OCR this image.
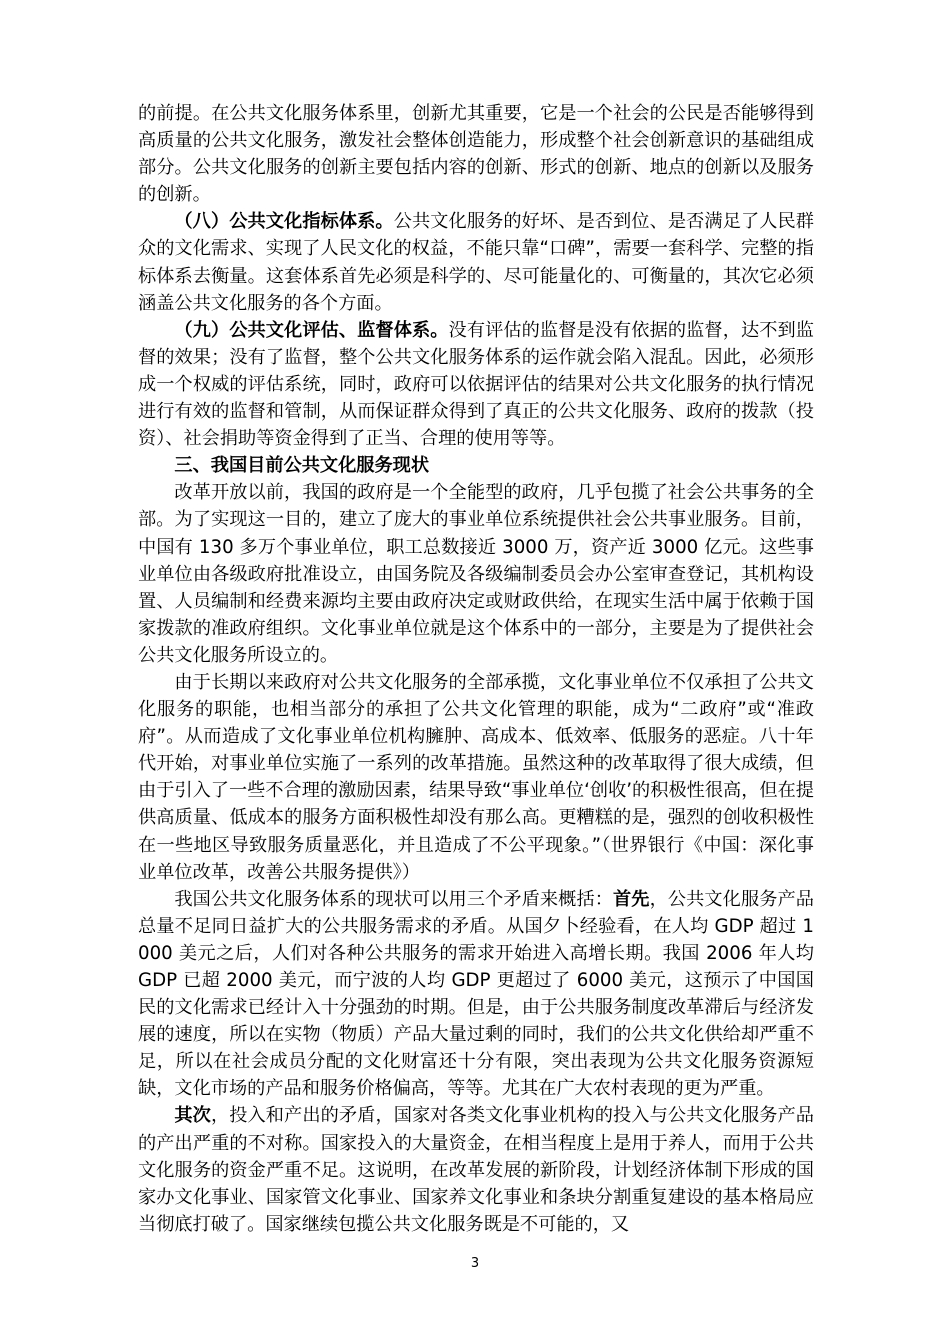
的前提。在公共文化服务体系里，创新尤其重要，它是一个社会的公民是否能够得到高质量的公共文化服务，激发社会整体创造能力，形成整个社会创新意识的基础组成部分。公共文化服务的创新主要包括内容的创新、形式的创新、地点的创新以及服务的创新。

（八）公共文化指标体系。公共文化服务的好坏、是否到位、是否满足了人民群众的文化需求、实现了人民文化的权益，不能只靠“口碑”，需要一套科学、完整的指标体系去衡量。这套体系首先必须是科学的、尽可能量化的、可衡量的，其次它必须涵盖公共文化服务的各个方面。

（九）公共文化评估、监督体系。没有评估的监督是没有依据的监督，达不到监督的效果；没有了监督，整个公共文化服务体系的运作就会陷入混乱。因此，必须形成一个权威的评估系统，同时，政府可以依据评估的结果对公共文化服务的执行情况进行有效的监督和管制，从而保证群众得到了真正的公共文化服务、政府的拨款（投资）、社会捐助等资金得到了正当、合理的使用等等。

三、我国目前公共文化服务现状

改革开放以前，我国的政府是一个全能型的政府，几乎包揽了社会公共事务的全部。为了实现这一目的，建立了庞大的事业单位系统提供社会公共事业服务。目前，中国有 130 多万个事业单位，职工总数接近 3000 万，资产近 3000 亿元。这些事业单位由各级政府批准设立，由国务院及各级编制委员会办公室审查登记，其机构设置、人员编制和经费来源均主要由政府决定或财政供给，在现实生活中属于依赖于国家拨款的准政府组织。文化事业单位就是这个体系中的一部分，主要是为了提供社会公共文化服务所设立的。

由于长期以来政府对公共文化服务的全部承揽，文化事业单位不仅承担了公共文化服务的职能，也相当部分的承担了公共文化管理的职能，成为“二政府”或“准政府”。从而造成了文化事业单位机构臃肿、高成本、低效率、低服务的恶症。八十年代开始，对事业单位实施了一系列的改革措施。虽然这种的改革取得了很大成绩，但由于引入了一些不合理的激励因素，结果导致“事业单位‘创收’的积极性很高，但在提供高质量、低成本的服务方面积极性却没有那么高。更糟糕的是，强烈的创收积极性在一些地区导致服务质量恶化，并且造成了不公平现象。”（世界银行《中国：深化事业单位改革，改善公共服务提供》）

我国公共文化服务体系的现状可以用三个矛盾来概括：首先，公共文化服务产品总量不足同日益扩大的公共服务需求的矛盾。从国夕卜经验看，在人均 GDP 超过 1000 美元之后，人们对各种公共服务的需求开始进入高增长期。我国 2006 年人均 GDP 已超 2000 美元，而宁波的人均 GDP 更超过了 6000 美元，这预示了中国国民的文化需求已经计入十分强劲的时期。但是，由于公共服务制度改革滞后与经济发展的速度，所以在实物（物质）产品大量过剩的同时，我们的公共文化供给却严重不足，所以在社会成员分配的文化财富还十分有限，突出表现为公共文化服务资源短缺，文化市场的产品和服务价格偏高，等等。尤其在广大农村表现的更为严重。

其次，投入和产出的矛盾，国家对各类文化事业机构的投入与公共文化服务产品的产出严重的不对称。国家投入的大量资金，在相当程度上是用于养人，而用于公共文化服务的资金严重不足。这说明，在改革发展的新阶段，计划经济体制下形成的国家办文化事业、国家管文化事业、国家养文化事业和条块分割重复建设的基本格局应当彻底打破了。国家继续包揽公共文化服务既是不可能的，又

3
